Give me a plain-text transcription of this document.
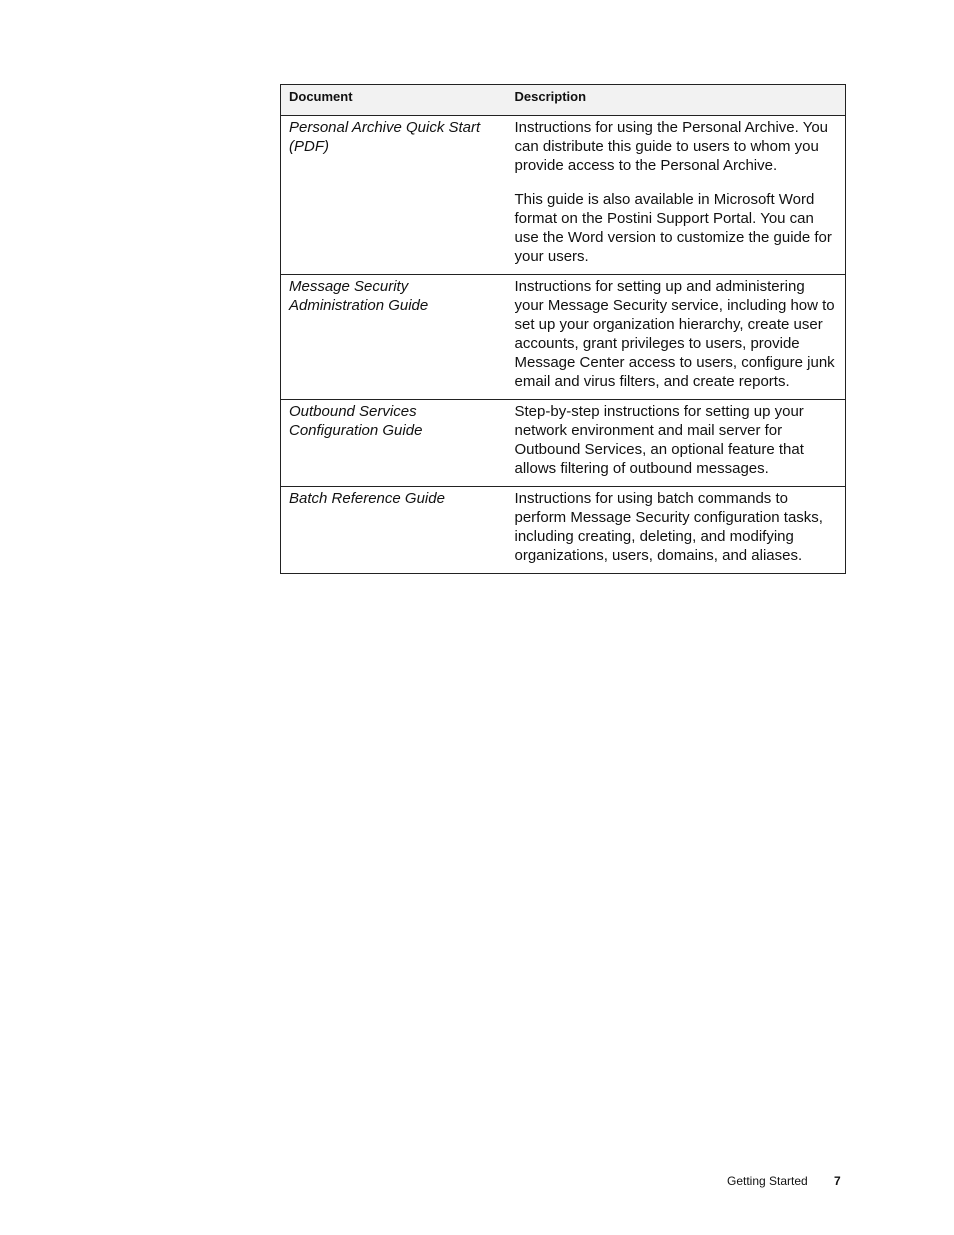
Document	Description
Personal Archive Quick Start (PDF)	Instructions for using the Personal Archive. You can distribute this guide to users to whom you provide access to the Personal Archive.

This guide is also available in Microsoft Word format on the Postini Support Portal. You can use the Word version to customize the guide for your users.

Message Security Administration Guide	Instructions for setting up and administering your Message Security service, including how to set up your organization hierarchy, create user accounts, grant privileges to users, provide Message Center access to users, configure junk email and virus filters, and create reports.

Outbound Services Configuration Guide	Step-by-step instructions for setting up your network environment and mail server for Outbound Services, an optional feature that allows filtering of outbound messages.

Batch Reference Guide	Instructions for using batch commands to perform Message Security configuration tasks, including creating, deleting, and modifying organizations, users, domains, and aliases.

Getting Started 7
